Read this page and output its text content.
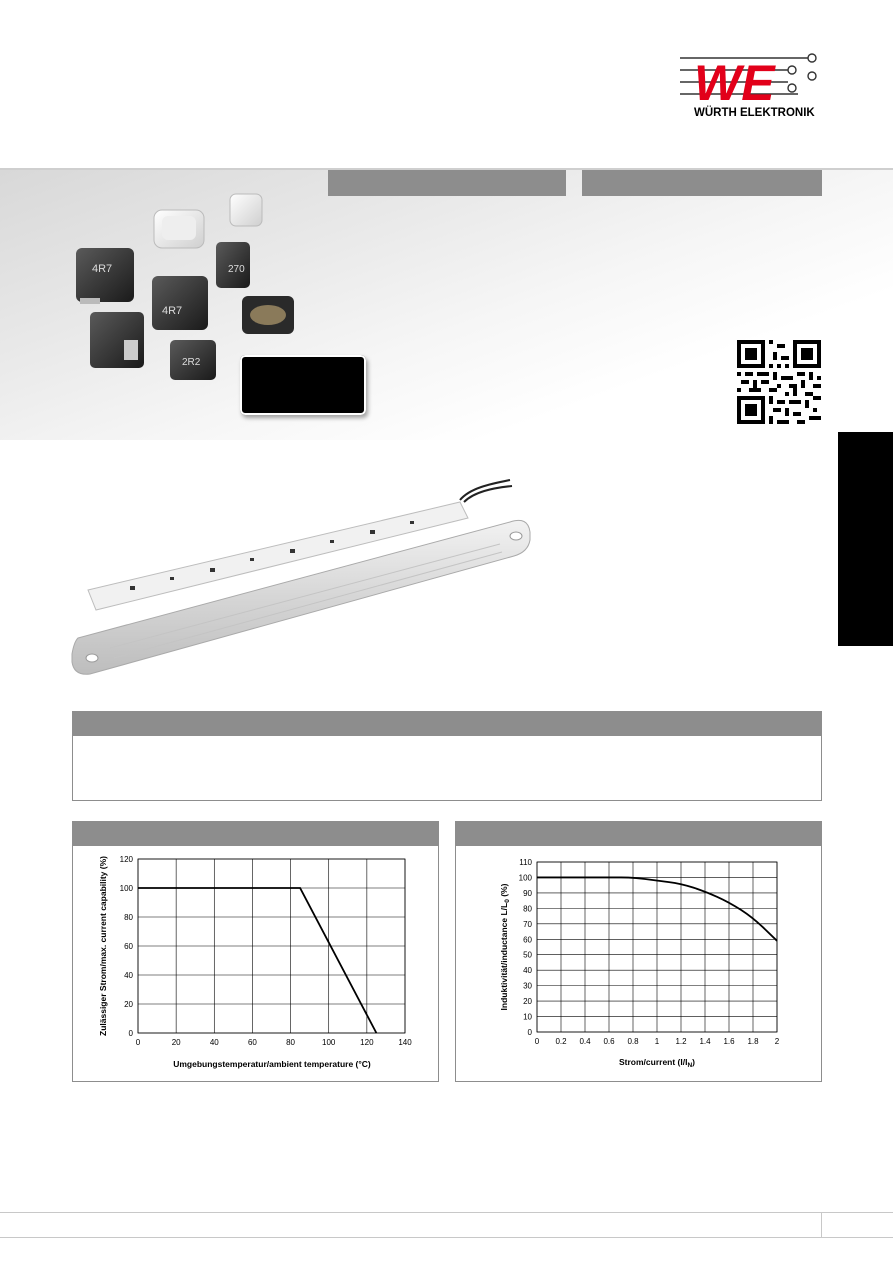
WE
WÜRTH ELEKTRONIK
4R7
4R7
270
2R2
0	20	40	60	80	100	120	140
0
20
40
60
80
100
120
Umgebungstemperatur/ambient temperature (°C)
Zulässiger Strom/max. current capability (%)
0 0.2 0.4 0.6 0.8 1 1.2 1.4 1.6 1.8 2
0
10
20
30
40
50
60
70
80
90
100
110
Strom/current $(I/I_N)$
Induktivität/inductance $L/L_0$ (%)
